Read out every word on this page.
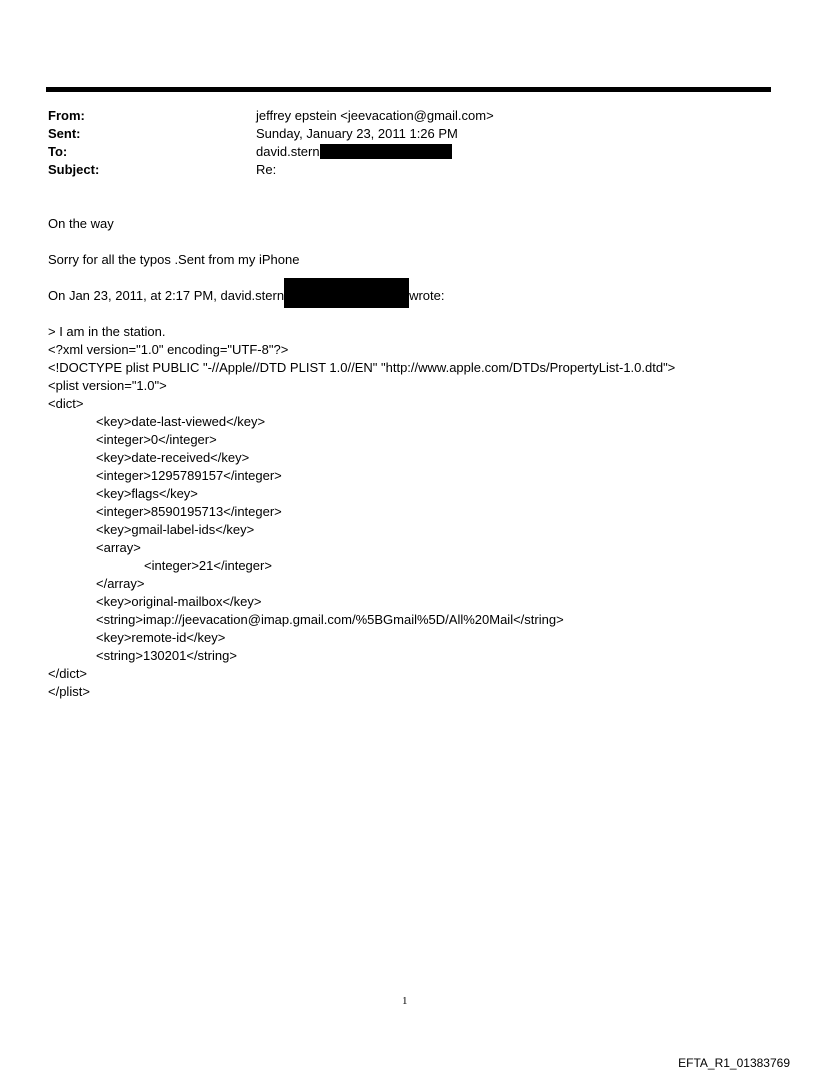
From:	jeffrey epstein <jeevacation@gmail.com>
Sent:	Sunday, January 23, 2011 1:26 PM
To:	david.stern
Subject:	Re:
On the way
Sorry for all the typos .Sent from my iPhone
On Jan 23, 2011, at 2:17 PM, david.stern	wrote:
> I am in the station.
<?xml version="1.0" encoding="UTF-8"?>
<!DOCTYPE plist PUBLIC "-//Apple//DTD PLIST 1.0//EN" "http://www.apple.com/DTDs/PropertyList-1.0.dtd">
<plist version="1.0">
<dict>
<key>date-last-viewed</key>
<integer>0</integer>
<key>date-received</key>
<integer>1295789157</integer>
<key>flags</key>
<integer>8590195713</integer>
<key>gmail-label-ids</key>
<array>
<integer>21</integer>
</array>
<key>original-mailbox</key>
<string>imap://jeevacation@imap.gmail.com/%5BGmail%5D/All%20Mail</string>
<key>remote-id</key>
<string>130201</string>
</dict>
</plist>
1
EFTA_R1_01383769
